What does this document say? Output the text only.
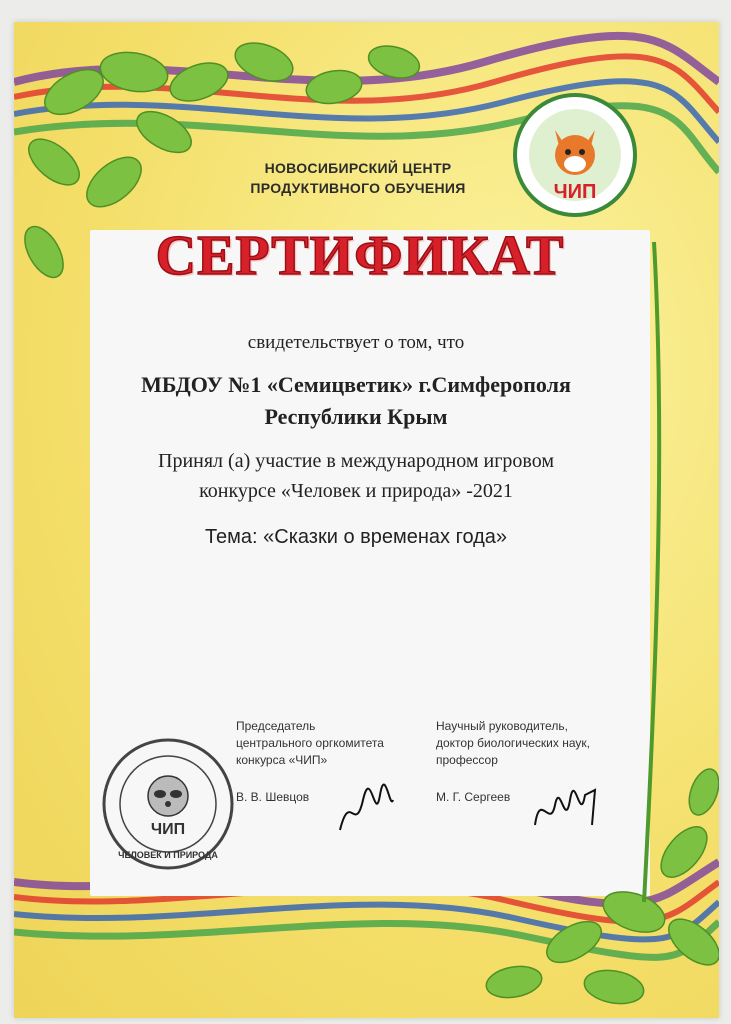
ЧИП
ЧИП
ЧЕЛОВЕК И ПРИРОДА
НОВОСИБИРСКИЙ ЦЕНТР
ПРОДУКТИВНОГО ОБУЧЕНИЯ
СЕРТИФИКАТ
свидетельствует о том, что
МБДОУ №1 «Семицветик» г.Симферополя
Республики Крым
Принял (а) участие в международном игровом
конкурсе «Человек и природа» -2021
Тема: «Сказки о временах года»
Председатель
центрального оргкомитета
конкурса «ЧИП»
В. В. Шевцов
Научный руководитель,
доктор биологических наук,
профессор
М. Г. Сергеев
